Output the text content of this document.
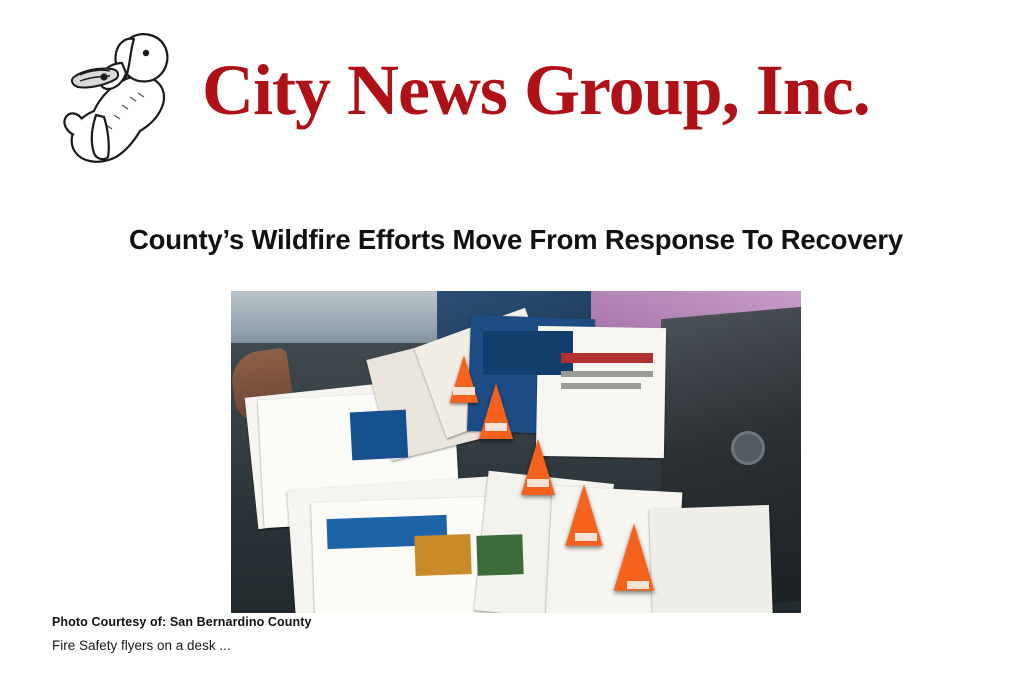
City News Group, Inc.
County’s Wildfire Efforts Move From Response To Recovery
Photo Courtesy of: San Bernardino County
Fire Safety flyers on a desk ...
